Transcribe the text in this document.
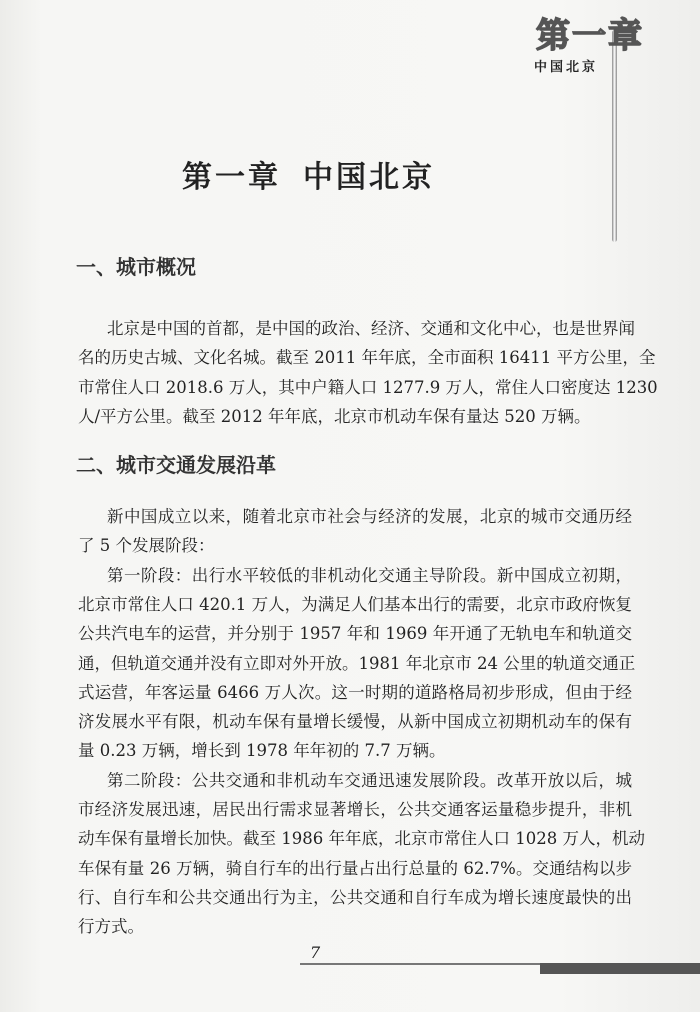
第一章
中国北京
第一章 中国北京
一、城市概况
北京是中国的首都，是中国的政治、经济、交通和文化中心，也是世界闻
名的历史古城、文化名城。截至 2011 年年底，全市面积 16411 平方公里，全
市常住人口 2018.6 万人，其中户籍人口 1277.9 万人，常住人口密度达 1230
人/平方公里。截至 2012 年年底，北京市机动车保有量达 520 万辆。
二、城市交通发展沿革
新中国成立以来，随着北京市社会与经济的发展，北京的城市交通历经
了 5 个发展阶段：
第一阶段：出行水平较低的非机动化交通主导阶段。新中国成立初期，
北京市常住人口 420.1 万人，为满足人们基本出行的需要，北京市政府恢复
公共汽电车的运营，并分别于 1957 年和 1969 年开通了无轨电车和轨道交
通，但轨道交通并没有立即对外开放。1981 年北京市 24 公里的轨道交通正
式运营，年客运量 6466 万人次。这一时期的道路格局初步形成，但由于经
济发展水平有限，机动车保有量增长缓慢，从新中国成立初期机动车的保有
量 0.23 万辆，增长到 1978 年年初的 7.7 万辆。
第二阶段：公共交通和非机动车交通迅速发展阶段。改革开放以后，城
市经济发展迅速，居民出行需求显著增长，公共交通客运量稳步提升，非机
动车保有量增长加快。截至 1986 年年底，北京市常住人口 1028 万人，机动
车保有量 26 万辆，骑自行车的出行量占出行总量的 62.7%。交通结构以步
行、自行车和公共交通出行为主，公共交通和自行车成为增长速度最快的出
行方式。
7
